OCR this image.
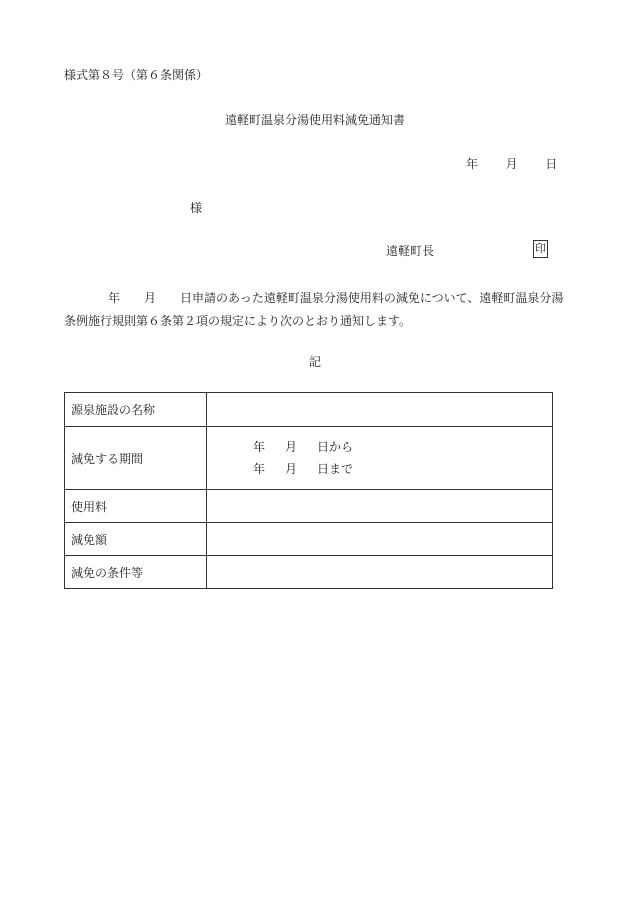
様式第８号（第６条関係）
遠軽町温泉分湯使用料減免通知書
年 月 日
様
遠軽町長	印
年 月 日申請のあった遠軽町温泉分湯使用料の減免について、遠軽町温泉分湯条例施行規則第６条第２項の規定により次のとおり通知します。
記
源泉施設の名称	
減免する期間	年 月 日から
年 月 日まで

使用料	
減免額	
減免の条件等	
